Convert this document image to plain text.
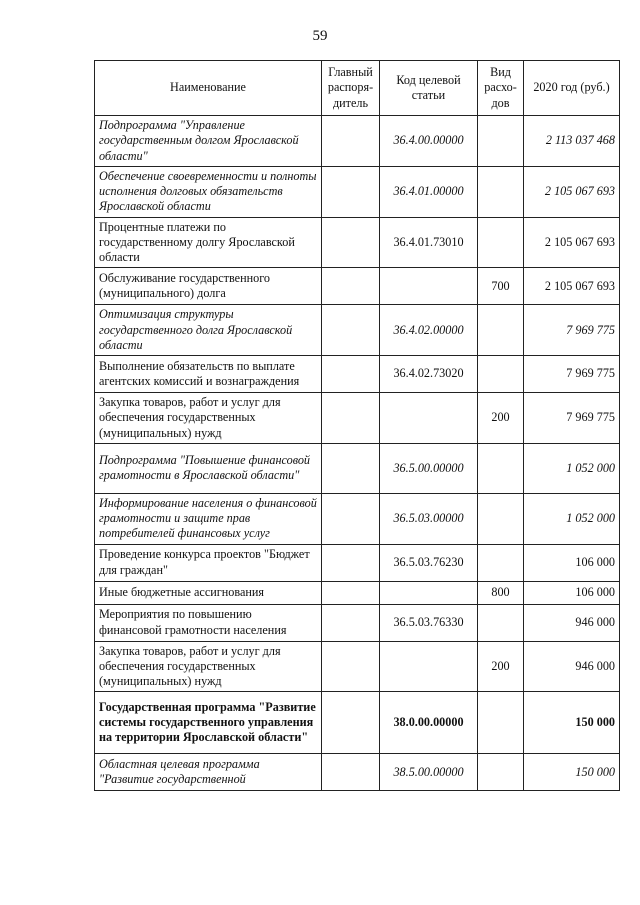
59
Наименование	Главный распоря-дитель	Код целевой статьи	Вид расхо-дов	2020 год (руб.)
Подпрограмма "Управление государственным долгом Ярославской области"		36.4.00.00000		2 113 037 468
Обеспечение своевременности и полноты исполнения долговых обязательств Ярославской области		36.4.01.00000		2 105 067 693
Процентные платежи по государственному долгу Ярославской области		36.4.01.73010		2 105 067 693
Обслуживание государственного (муниципального) долга			700	2 105 067 693
Оптимизация структуры государственного долга Ярославской области		36.4.02.00000		7 969 775
Выполнение обязательств по выплате агентских комиссий и вознаграждения		36.4.02.73020		7 969 775
Закупка товаров, работ и услуг для обеспечения государственных (муниципальных) нужд			200	7 969 775
Подпрограмма "Повышение финансовой грамотности в Ярославской области"		36.5.00.00000		1 052 000
Информирование населения о финансовой грамотности и защите прав потребителей финансовых услуг		36.5.03.00000		1 052 000
Проведение конкурса проектов "Бюджет для граждан"		36.5.03.76230		106 000
Иные бюджетные ассигнования			800	106 000
Мероприятия по повышению финансовой грамотности населения		36.5.03.76330		946 000
Закупка товаров, работ и услуг для обеспечения государственных (муниципальных) нужд			200	946 000
Государственная программа "Развитие системы государственного управления на территории Ярославской области"		38.0.00.00000		150 000
Областная целевая программа "Развитие государственной		38.5.00.00000		150 000
